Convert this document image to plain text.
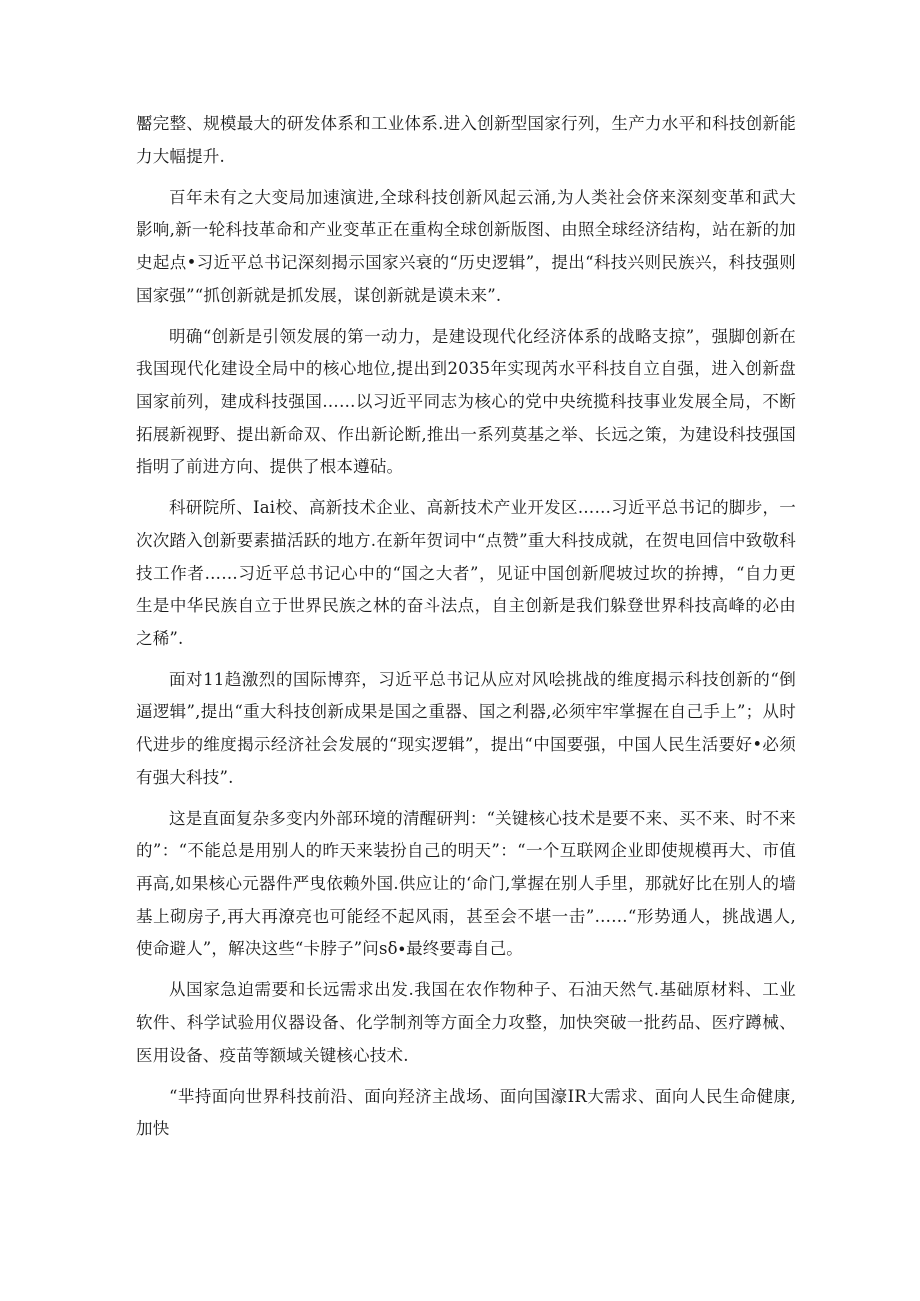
靨完整、规模最大的研发体系和工业体系.进入创新型国家行列，生产力水平和科技创新能力大幅提升.

百年未有之大变局加速演进,全球科技创新风起云涌,为人类社会侪来深刻变革和武大影响,新一轮科技革命和产业变革正在重构全球创新版图、由照全球经济结构，站在新的加史起点•习近平总书记深刻揭示国家兴衰的“历史逻辑”，提出“科技兴则民族兴，科技强则国家强”“抓创新就是抓发展，谋创新就是谟未来”.

明确“创新是引领发展的第一动力，是建设现代化经济体系的战略支掠”，强脚创新在我国现代化建设全局中的核心地位,提出到2035年实现芮水平科技自立自强，进入创新盘国家前列，建成科技强国……以习近平同志为核心的党中央统揽科技事业发展全局，不断拓展新视野、提出新命双、作出新论断,推出一系列莫基之举、长远之策，为建设科技强国指明了前进方向、提供了根本遵砧。

科研院所、Iai校、高新技术企业、高新技术产业开发区……习近平总书记的脚步，一次次踏入创新要素描活跃的地方.在新年贺词中“点赞”重大科技成就，在贺电回信中致敬科技工作者……习近平总书记心中的“国之大者”，见证中国创新爬坡过坎的拚搏，“自力更生是中华民族自立于世界民族之林的奋斗法点，自主创新是我们躲登世界科技高峰的必由之稀”.

面对11趋激烈的国际博弈，习近平总书记从应对风哙挑战的维度揭示科技创新的“倒逼逻辑”,提出“重大科技创新成果是国之重器、国之利器,必须牢牢掌握在自己手上”；从时代进步的维度揭示经济社会发展的“现实逻辑”，提出“中国要强，中国人民生活要好•必须有强大科技”.

这是直面复杂多变内外部环境的清醒研判：“关键核心技术是要不来、买不来、时不来的”：“不能总是用别人的昨天来装扮自己的明天”：“一个互联网企业即使规模再大、市值再高,如果核心元器件严曳依赖外国.供应让的‘命门,掌握在别人手里，那就好比在别人的墙基上砌房子,再大再潦亮也可能经不起风雨，甚至会不堪一击”……“形势通人，挑战遇人,使命避人”，解决这些“卡脖子”问sδ∙最终要毒自己。

从国家急迫需要和长远需求出发.我国在农作物种子、石油天然气.基础原材料、工业软件、科学试验用仪器设备、化学制剂等方面全力攻整，加快突破一批药品、医疗蹲械、医用设备、疫苗等额域关键核心技术.

“芈持面向世界科技前沿、面向羟济主战场、面向国濠IR大需求、面向人民生命健康,加快
